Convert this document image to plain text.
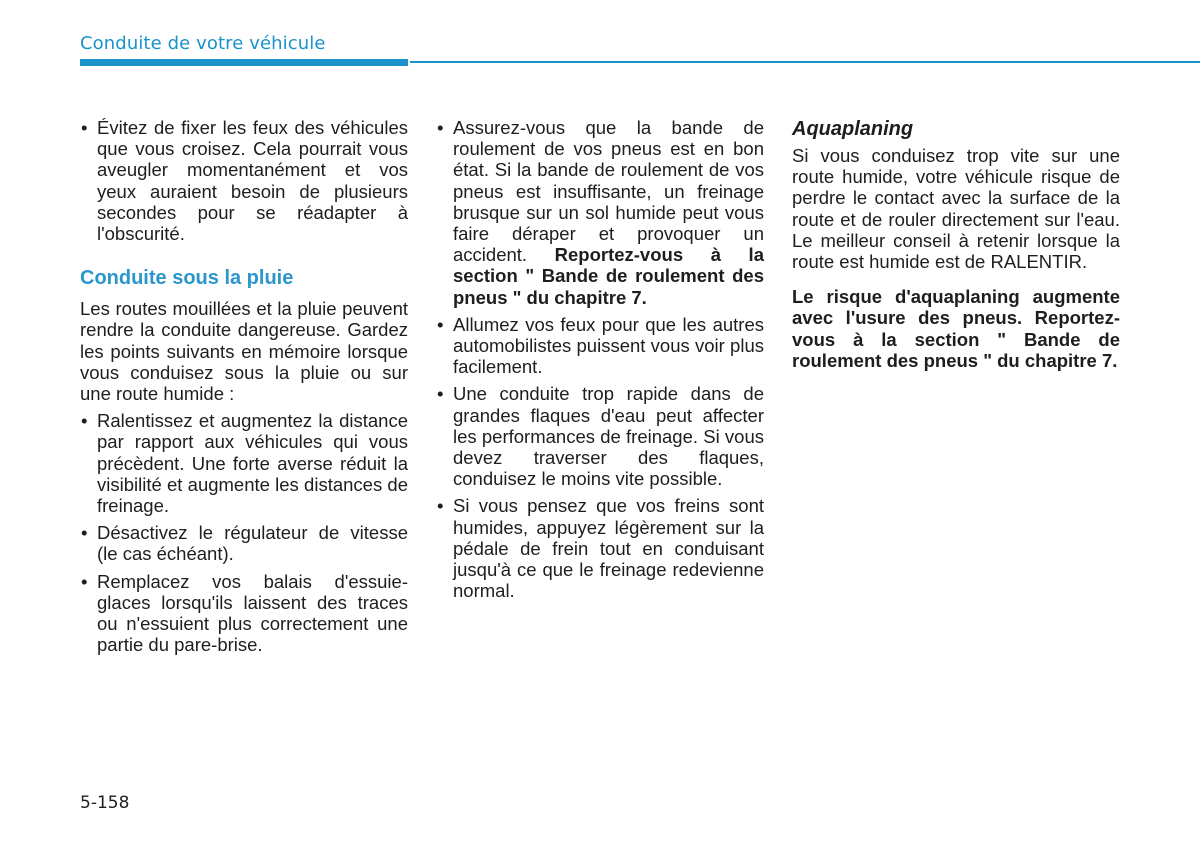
Conduite de votre véhicule
• Évitez de fixer les feux des véhicules que vous croisez. Cela pourrait vous aveugler momentanément et vos yeux auraient besoin de plusieurs secondes pour se réadapter à l'obscurité.
Conduite sous la pluie

Les routes mouillées et la pluie peuvent rendre la conduite dangereuse. Gardez les points suivants en mémoire lorsque vous conduisez sous la pluie ou sur une route humide :

• Ralentissez et augmentez la distance par rapport aux véhicules qui vous précèdent. Une forte averse réduit la visibilité et augmente les distances de freinage.
• Désactivez le régulateur de vitesse (le cas échéant).
• Remplacez vos balais d'essuie-glaces lorsqu'ils laissent des traces ou n'essuient plus correctement une partie du pare-brise.
• Assurez-vous que la bande de roulement de vos pneus est en bon état. Si la bande de roulement de vos pneus est insuffisante, un freinage brusque sur un sol humide peut vous faire déraper et provoquer un accident. Reportez-vous à la section " Bande de roulement des pneus " du chapitre 7.
• Allumez vos feux pour que les autres automobilistes puissent vous voir plus facilement.
• Une conduite trop rapide dans de grandes flaques d'eau peut affecter les performances de freinage. Si vous devez traverser des flaques, conduisez le moins vite possible.
• Si vous pensez que vos freins sont humides, appuyez légèrement sur la pédale de frein tout en conduisant jusqu'à ce que le freinage redevienne normal.
Aquaplaning

Si vous conduisez trop vite sur une route humide, votre véhicule risque de perdre le contact avec la surface de la route et de rouler directement sur l'eau. Le meilleur conseil à retenir lorsque la route est humide est de RALENTIR.

Le risque d'aquaplaning augmente avec l'usure des pneus. Reportez-vous à la section " Bande de roulement des pneus " du chapitre 7.

5-158
